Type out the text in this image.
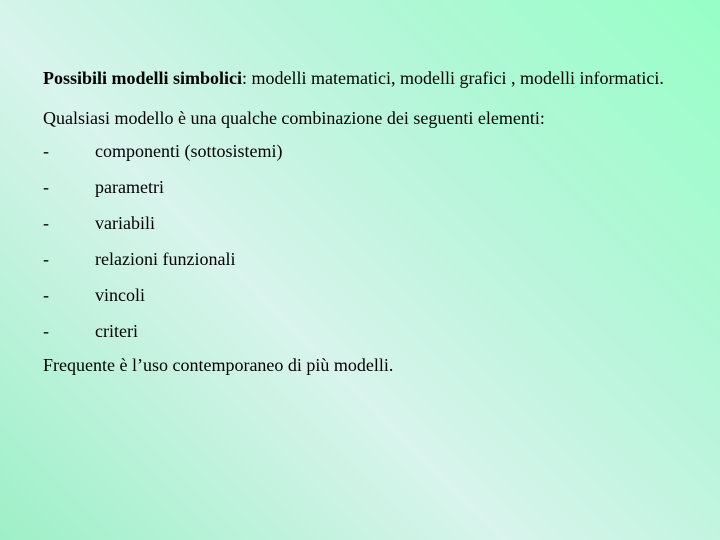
Possibili modelli simbolici: modelli matematici, modelli grafici , modelli informatici.

Qualsiasi modello è una qualche combinazione dei seguenti elementi:

-	componenti (sottosistemi)
-	parametri
-	variabili
-	relazioni funzionali
-	vincoli
-	criteri

Frequente è l’uso contemporaneo di più modelli.
